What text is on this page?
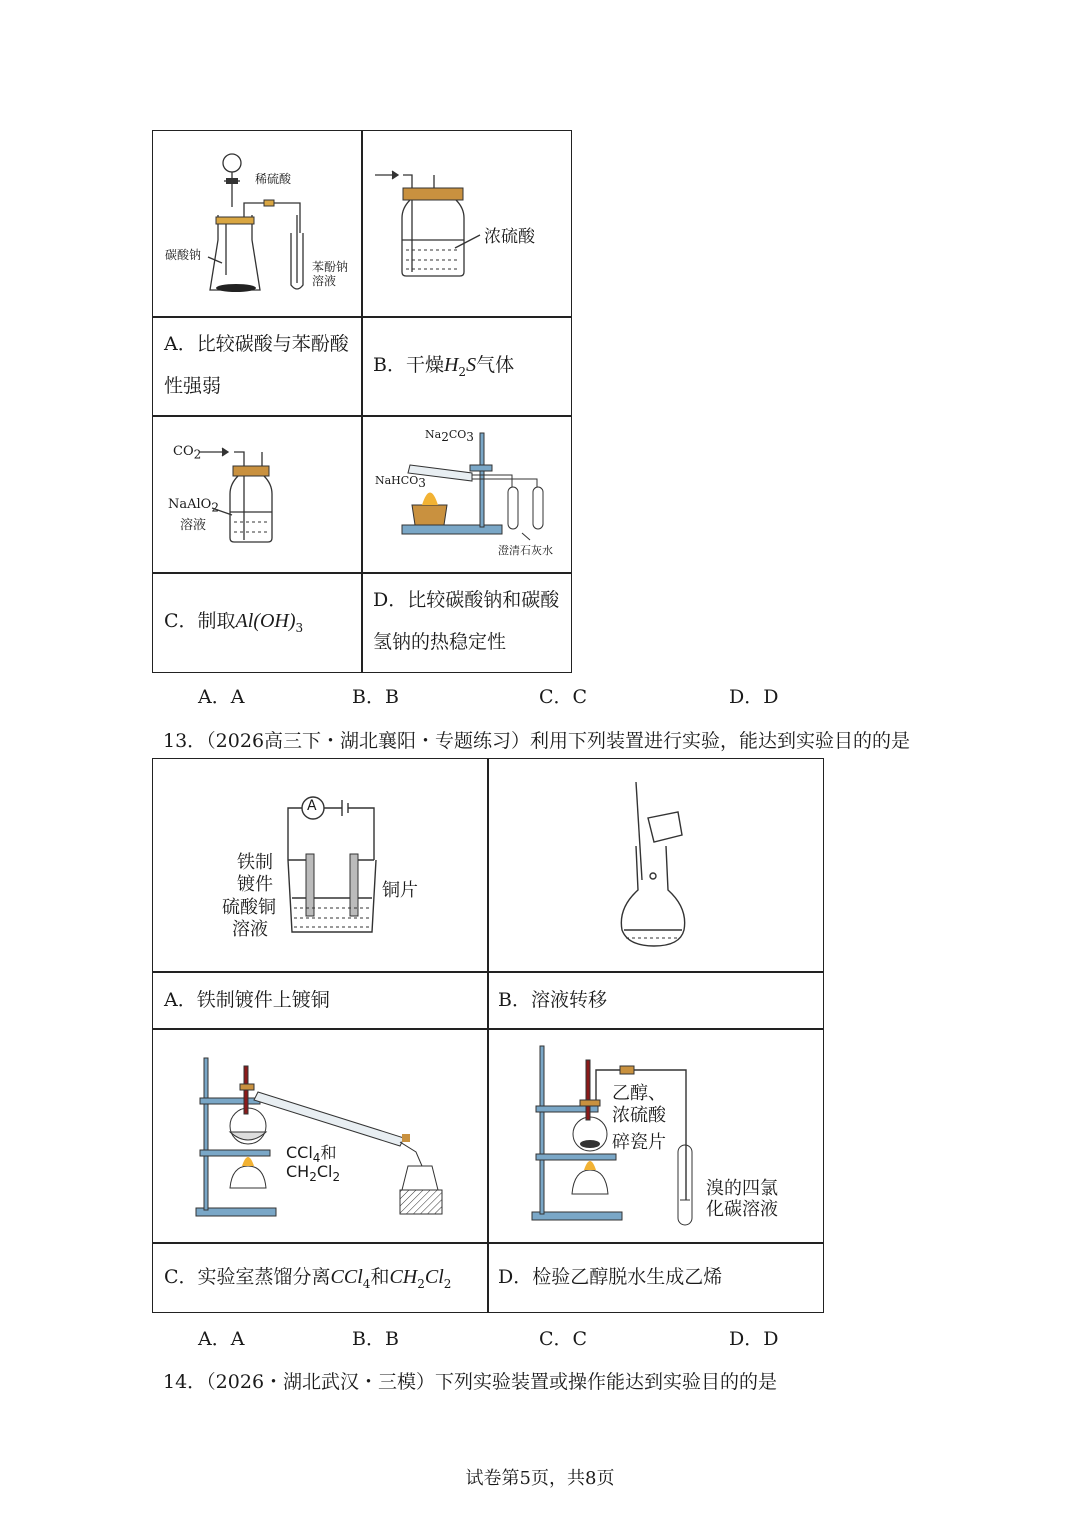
稀硫酸
碳酸钠
苯酚钠
溶液
浓硫酸
A．比较碳酸与苯酚酸
性强弱
B．干燥$H_2S$气体
$CO_2$
NaAlO$_2$
溶液
$Na_2CO_3$
NaHCO$_3$
澄清石灰水
C．制取$Al(OH)_3$
D．比较碳酸钠和碳酸
氢钠的热稳定性
A．A	B．B	C．C	D．D
13．（2026高三下・湖北襄阳・专题练习）利用下列装置进行实验，能达到实验目的的是
A
铁制
镀件
硫酸铜
溶液
铜片
A．铁制镀件上镀铜	B．溶液转移
CCl$_4$和
$CH_2Cl_2$
乙醇、
浓硫酸
碎瓷片
溴的四氯
化碳溶液
C．实验室蒸馏分离CCl$_4$和$CH_2Cl_2$ D．检验乙醇脱水生成乙烯
A．A	B．B	C．C	D．D
14．（2026・湖北武汉・三模）下列实验装置或操作能达到实验目的的是
试卷第5页，共8页
